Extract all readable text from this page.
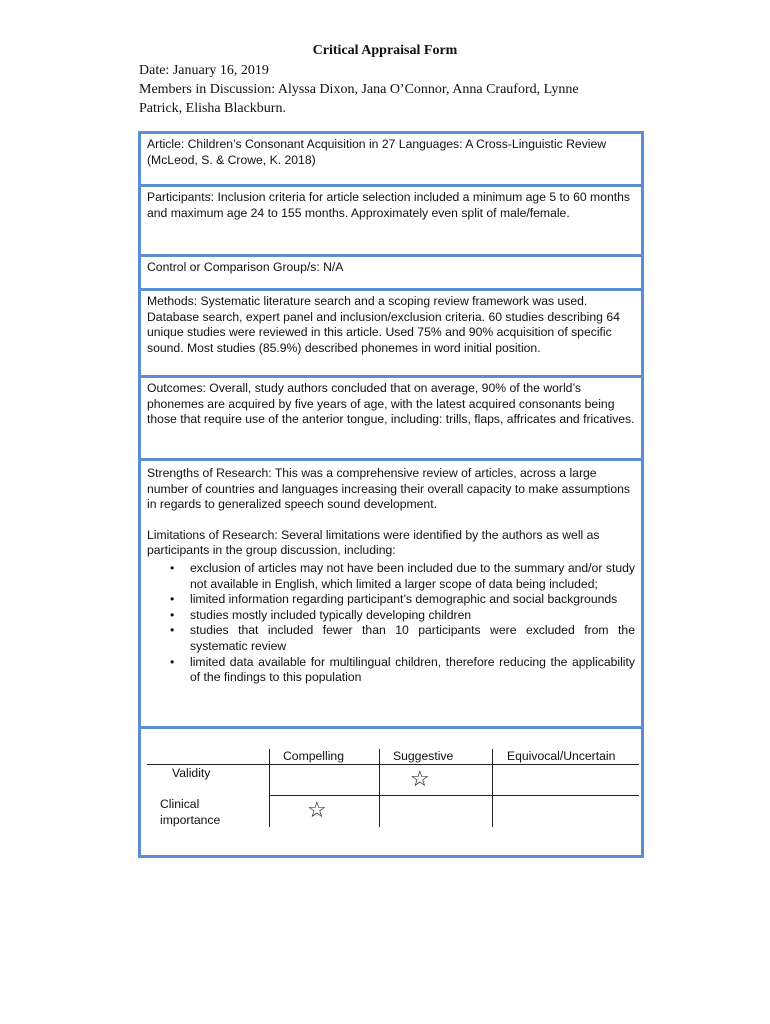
Critical Appraisal Form
Date: January 16, 2019
Members in Discussion: Alyssa Dixon, Jana O’Connor, Anna Crauford, Lynne
Patrick, Elisha Blackburn.

Article: Children’s Consonant Acquisition in 27 Languages: A Cross-Linguistic Review (McLeod, S. & Crowe, K. 2018)

Participants: Inclusion criteria for article selection included a minimum age 5 to 60 months and maximum age 24 to 155 months. Approximately even split of male/female.

Control or Comparison Group/s: N/A

Methods: Systematic literature search and a scoping review framework was used. Database search, expert panel and inclusion/exclusion criteria. 60 studies describing 64 unique studies were reviewed in this article. Used 75% and 90% acquisition of specific sound. Most studies (85.9%) described phonemes in word initial position.

Outcomes: Overall, study authors concluded that on average, 90% of the world’s phonemes are acquired by five years of age, with the latest acquired consonants being those that require use of the anterior tongue, including: trills, flaps, affricates and fricatives.

Strengths of Research: This was a comprehensive review of articles, across a large number of countries and languages increasing their overall capacity to make assumptions in regards to generalized speech sound development.

Limitations of Research: Several limitations were identified by the authors as well as participants in the group discussion, including:

• exclusion of articles may not have been included due to the summary and/or study not available in English, which limited a larger scope of data being included;
• limited information regarding participant’s demographic and social backgrounds
• studies mostly included typically developing children
• studies that included fewer than 10 participants were excluded from the systematic review
• limited data available for multilingual children, therefore reducing the applicability of the findings to this population
Compelling	Suggestive	Equivocal/Uncertain
Validity
Clinical importance
☆
☆
